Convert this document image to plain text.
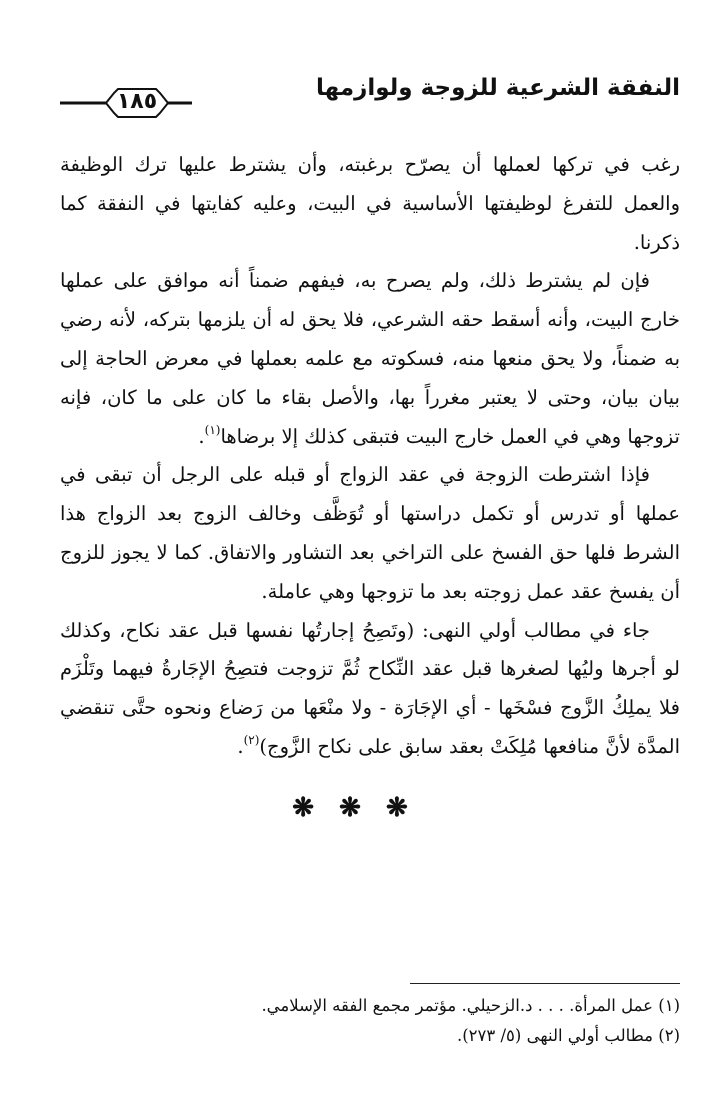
النفقة الشرعية للزوجة ولوازمها
١٨٥

رغب في تركها لعملها أن يصرّح برغبته، وأن يشترط عليها ترك الوظيفة والعمل للتفرغ لوظيفتها الأساسية في البيت، وعليه كفايتها في النفقة كما ذكرنا.

فإن لم يشترط ذلك، ولم يصرح به، فيفهم ضمناً أنه موافق على عملها خارج البيت، وأنه أسقط حقه الشرعي، فلا يحق له أن يلزمها بتركه، لأنه رضي به ضمناً، ولا يحق منعها منه، فسكوته مع علمه بعملها في معرض الحاجة إلى بيان بيان، وحتى لا يعتبر مغرراً بها، والأصل بقاء ما كان على ما كان، فإنه تزوجها وهي في العمل خارج البيت فتبقى كذلك إلا برضاها$^{(١)}$.

فإذا اشترطت الزوجة في عقد الزواج أو قبله على الرجل أن تبقى في عملها أو تدرس أو تكمل دراستها أو تُوَظَّف وخالف الزوج بعد الزواج هذا الشرط فلها حق الفسخ على التراخي بعد التشاور والاتفاق. كما لا يجوز للزوج أن يفسخ عقد عمل زوجته بعد ما تزوجها وهي عاملة.

جاء في مطالب أولي النهى: (وتَصِحُ إجارتُها نفسها قبل عقد نكاح، وكذلك لو أجرها وليُها لصغرها قبل عقد النِّكاح ثُمَّ تزوجت فتصِحُ الإجَارةُ فيهما وتَلْزَم فلا يملِكُ الزَّوج فسْخَها - أي الإجَارَة - ولا منْعَها من رَضاع ونحوه حتَّى تنقضي المدَّة لأنَّ منافعها مُلِكَتْ بعقد سابق على نكاح الزَّوج)$^{(٢)}$.

❋ ❋ ❋
(١) عمل المرأة. . . . د.الزحيلي. مؤتمر مجمع الفقه الإسلامي.
(٢) مطالب أولي النهى (٥/ ٢٧٣).
